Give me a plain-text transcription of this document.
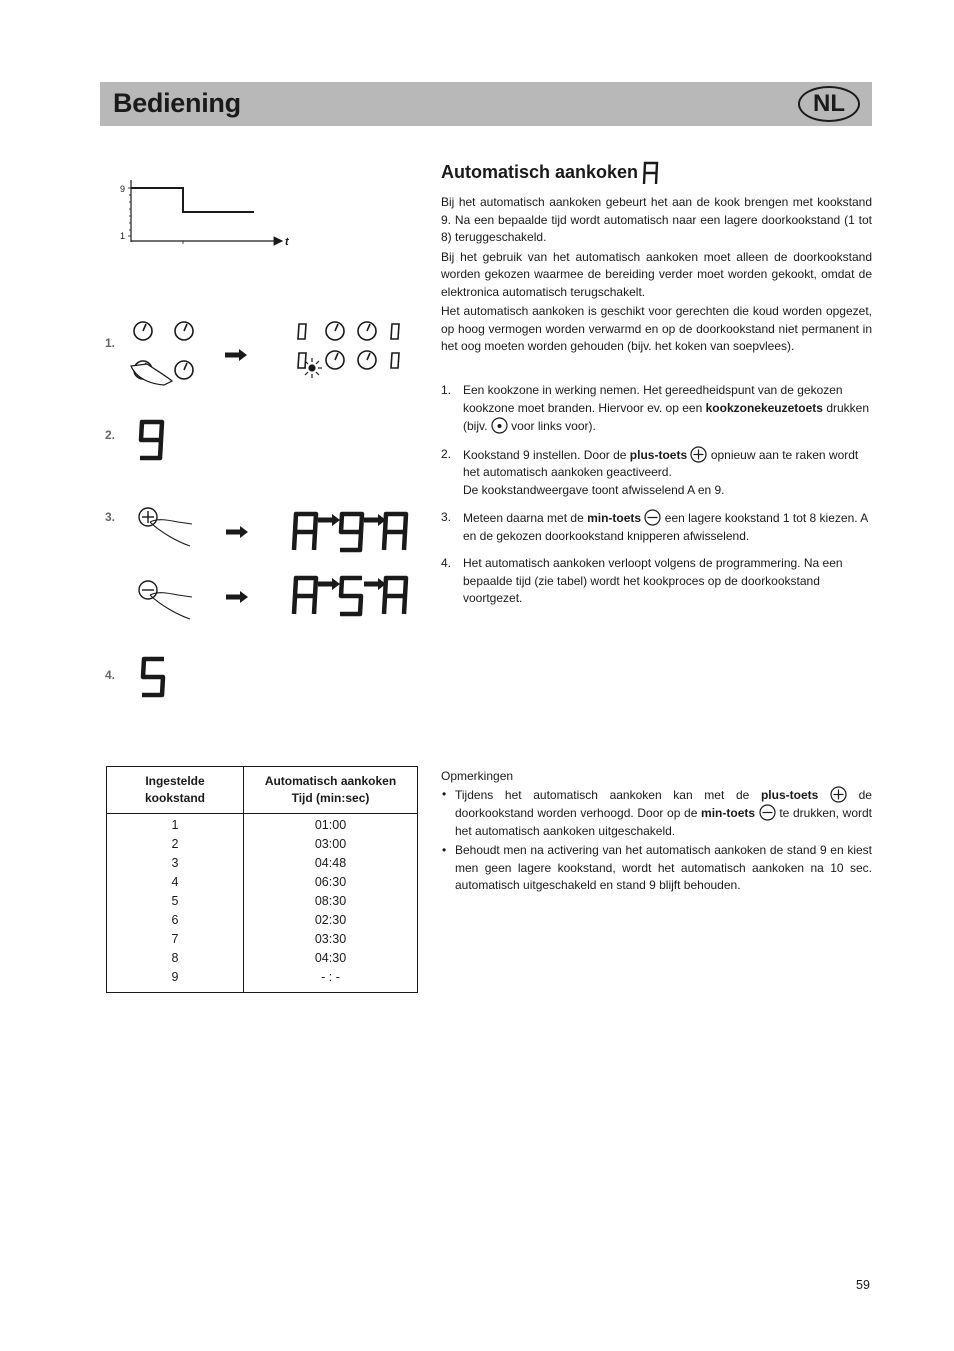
Bediening	NL
9
1	t
1.
2.
3.
4.
Automatisch aankoken

Bij het automatisch aankoken gebeurt het aan de kook brengen met kookstand 9. Na een bepaalde tijd wordt automatisch naar een lagere doorkookstand (1 tot 8) teruggeschakeld.

Bij het gebruik van het automatisch aankoken moet alleen de doorkookstand worden gekozen waarmee de bereiding verder moet worden gekookt, omdat de elektronica automatisch terugschakelt.

Het automatisch aankoken is geschikt voor gerechten die koud worden opgezet, op hoog vermogen worden verwarmd en op de doorkookstand niet permanent in het oog moeten worden gehouden (bijv. het koken van soepvlees).

1. Een kookzone in werking nemen. Het gereedheidspunt van de gekozen kookzone moet branden. Hiervoor ev. op een kookzonekeuzetoets drukken (bijv. voor links voor).
2. Kookstand 9 instellen. Door de plus-toets opnieuw aan te raken wordt het automatisch aankoken geactiveerd.
De kookstandweergave toont afwisselend A en 9.
3. Meteen daarna met de min-toets een lagere kookstand 1 tot 8 kiezen. A en de gekozen doorkookstand knipperen afwisselend.
4. Het automatisch aankoken verloopt volgens de programmering. Na een bepaalde tijd (zie tabel) wordt het kookproces op de doorkookstand voortgezet.
Ingestelde
kookstand	Automatisch aankoken
Tijd (min:sec)
1	01:00
2	03:00
3	04:48
4	06:30
5	08:30
6	02:30
7	03:30
8	04:30
9	- : -
Opmerkingen
• Tijdens het automatisch aankoken kan met de plus-toets	de doorkookstand worden verhoogd. Door op de min-toets te drukken, wordt het automatisch aankoken uitgeschakeld.
• Behoudt men na activering van het automatisch aankoken de stand 9 en kiest men geen lagere kookstand, wordt het automatisch aankoken na 10 sec. automatisch uitgeschakeld en stand 9 blijft behouden.
59
